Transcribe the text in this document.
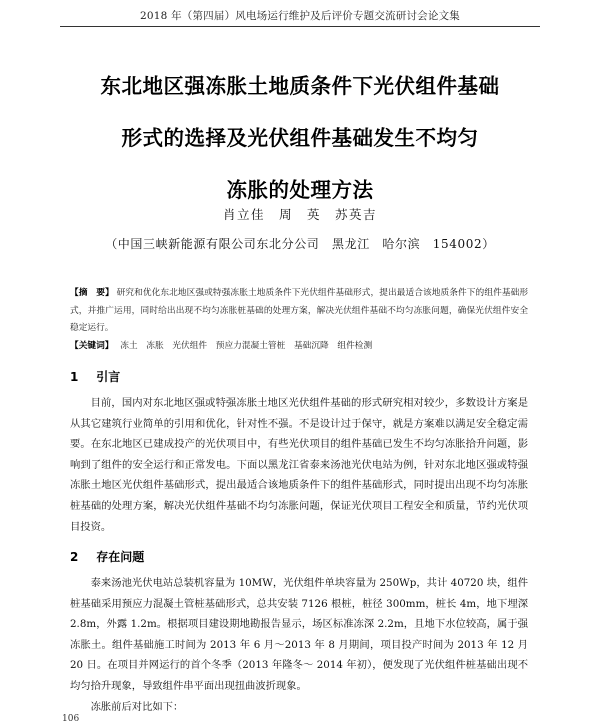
2018 年（第四届）风电场运行维护及后评价专题交流研讨会论文集
东北地区强冻胀土地质条件下光伏组件基础
形式的选择及光伏组件基础发生不均匀
冻胀的处理方法
肖立佳　周　英　苏英吉
（中国三峡新能源有限公司东北分公司　黑龙江　哈尔滨　154002）
【摘　要】 研究和优化东北地区强或特强冻胀土地质条件下光伏组件基础形式，提出最适合该地质条件下的组件基础形式，并推广运用，同时给出出现不均匀冻胀桩基础的处理方案，解决光伏组件基础不均匀冻胀问题，确保光伏组件安全稳定运行。
【关键词】 冻土　冻胀　光伏组件　预应力混凝土管桩　基础沉降　组件检测
1 引言

目前，国内对东北地区强或特强冻胀土地区光伏组件基础的形式研究相对较少，多数设计方案是从其它建筑行业简单的引用和优化，针对性不强。不是设计过于保守，就是方案难以满足安全稳定需要。在东北地区已建成投产的光伏项目中，有些光伏项目的组件基础已发生不均匀冻胀拾升问题，影响到了组件的安全运行和正常发电。下面以黑龙江省泰来汤池光伏电站为例，针对东北地区强或特强冻胀土地区光伏组件基础形式，提出最适合该地质条件下的组件基础形式，同时提出出现不均匀冻胀桩基础的处理方案，解决光伏组件基础不均匀冻胀问题，保证光伏项目工程安全和质量，节约光伏项目投资。

2 存在问题

泰来汤池光伏电站总装机容量为 10MW，光伏组件单块容量为 250Wp，共计 40720 块，组件桩基础采用预应力混凝土管桩基础形式，总共安装 7126 根桩，桩径 300mm，桩长 4m，地下埋深 2.8m，外露 1.2m。根据项目建设期地勘报告显示，场区标准冻深 2.2m，且地下水位较高，属于强冻胀土。组件基础施工时间为 2013 年 6 月～2013 年 8 月期间，项目投产时间为 2013 年 12 月 20 日。在项目并网运行的首个冬季（2013 年隆冬～ 2014 年初），便发现了光伏组件桩基础出现不均匀拾升现象，导致组件串平面出现扭曲波折现象。

冻胀前后对比如下：

106
